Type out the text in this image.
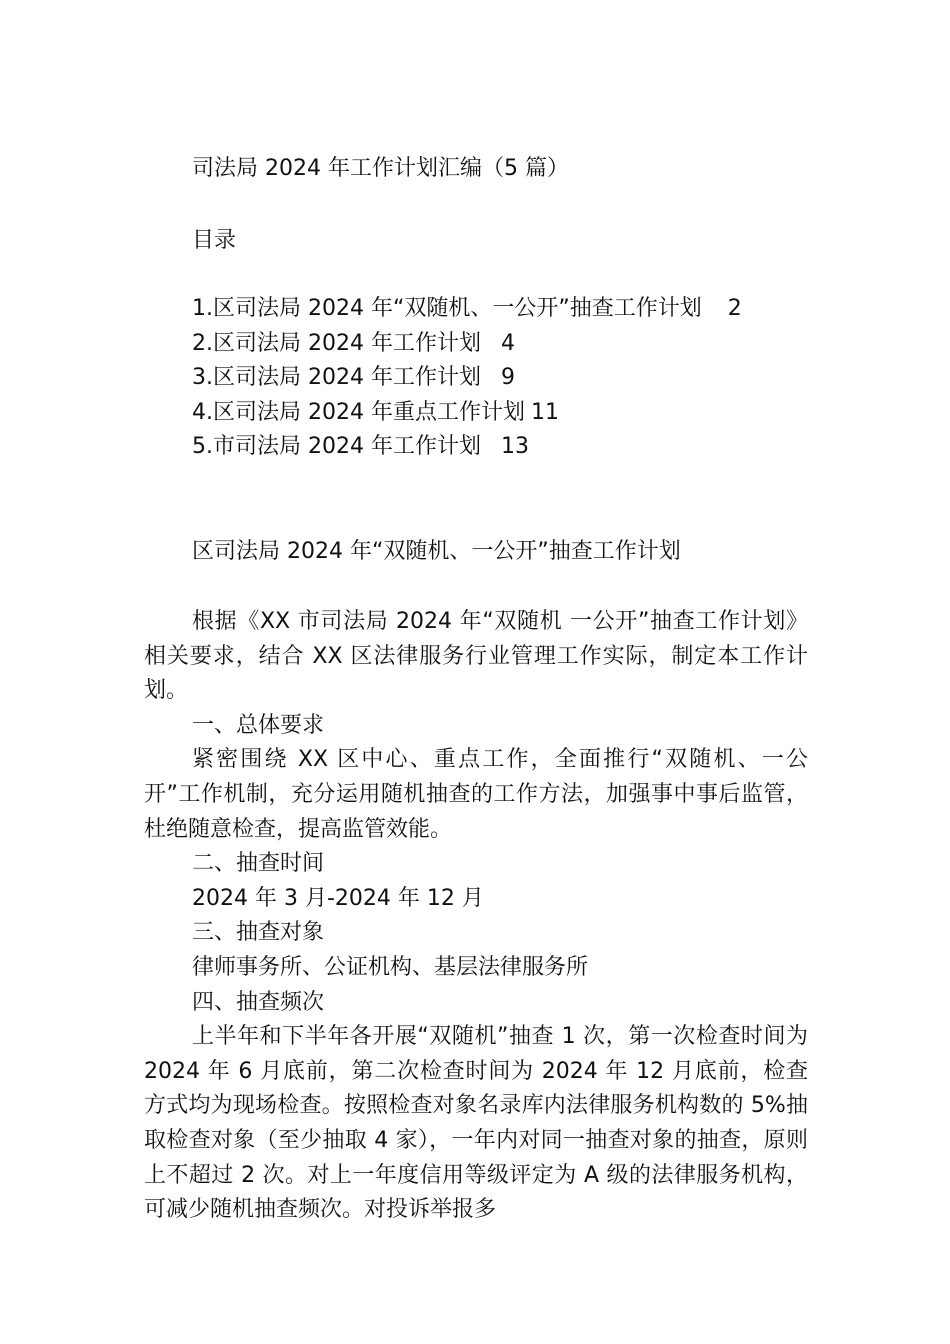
司法局 2024 年工作计划汇编（5 篇）
目录
1.区司法局 2024 年“双随机、一公开”抽查工作计划 2
2.区司法局 2024 年工作计划 4
3.区司法局 2024 年工作计划 9
4.区司法局 2024 年重点工作计划 11
5.市司法局 2024 年工作计划 13
区司法局 2024 年“双随机、一公开”抽查工作计划

根据《XX 市司法局 2024 年“双随机 一公开”抽查工作计划》相关要求，结合 XX 区法律服务行业管理工作实际，制定本工作计划。

一、总体要求

紧密围绕 XX 区中心、重点工作，全面推行“双随机、一公开”工作机制，充分运用随机抽查的工作方法，加强事中事后监管，杜绝随意检查，提高监管效能。

二、抽查时间

2024 年 3 月-2024 年 12 月

三、抽查对象

律师事务所、公证机构、基层法律服务所

四、抽查频次

上半年和下半年各开展“双随机”抽查 1 次，第一次检查时间为 2024 年 6 月底前，第二次检查时间为 2024 年 12 月底前，检查方式均为现场检查。按照检查对象名录库内法律服务机构数的 5%抽取检查对象（至少抽取 4 家），一年内对同一抽查对象的抽查，原则上不超过 2 次。对上一年度信用等级评定为 A 级的法律服务机构，可减少随机抽查频次。对投诉举报多
